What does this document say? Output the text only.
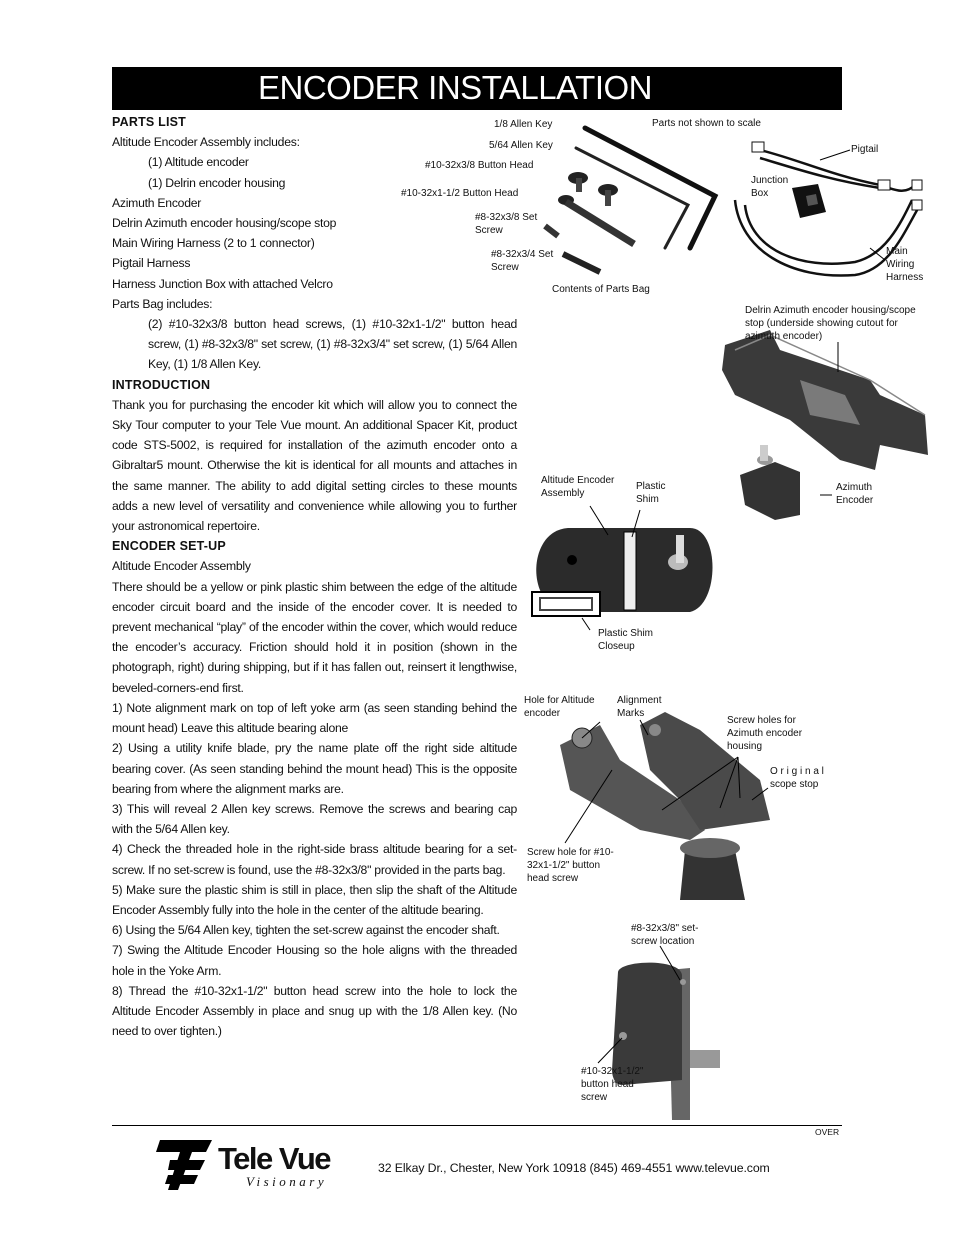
ENCODER INSTALLATION INSTRUCTIONS

PARTS LIST

Altitude Encoder Assembly includes:

(1) Altitude encoder

(1) Delrin encoder housing

Azimuth Encoder

Delrin Azimuth encoder housing/scope stop

Main Wiring Harness (2 to 1 connector)

Pigtail Harness

Harness Junction Box with attached Velcro

Parts Bag includes:

(2) #10-32x3/8 button head screws, (1) #10-32x1-1/2" button head screw, (1) #8-32x3/8" set screw, (1) #8-32x3/4" set screw, (1) 5/64 Allen Key, (1) 1/8 Allen Key.

INTRODUCTION

Thank you for purchasing the encoder kit which will allow you to connect the Sky Tour computer to your Tele Vue mount. An additional Spacer Kit, product code STS-5002, is required for installation of the azimuth encoder onto a Gibraltar5 mount. Otherwise the kit is identical for all mounts and attaches in the same manner. The ability to add digital setting circles to these mounts adds a new level of versatility and convenience while allowing you to further your astronomical repertoire.

ENCODER SET-UP

Altitude Encoder Assembly

There should be a yellow or pink plastic shim between the edge of the altitude encoder circuit board and the inside of the encoder cover. It is needed to prevent mechanical “play” of the encoder within the cover, which would reduce the encoder’s accuracy. Friction should hold it in position (shown in the photograph, right) during shipping, but if it has fallen out, reinsert it lengthwise, beveled-corners-end first.

1) Note alignment mark on top of left yoke arm (as seen standing behind the mount head) Leave this altitude bearing alone

2) Using a utility knife blade, pry the name plate off the right side altitude bearing cover. (As seen standing behind the mount head) This is the opposite bearing from where the alignment marks are.

3) This will reveal 2 Allen key screws. Remove the screws and bearing cap with the 5/64 Allen key.

4) Check the threaded hole in the right-side brass altitude bearing for a set-screw. If no set-screw is found, use the #8-32x3/8" provided in the parts bag.

5) Make sure the plastic shim is still in place, then slip the shaft of the Altitude Encoder Assembly fully into the hole in the center of the altitude bearing.

6) Using the 5/64 Allen key, tighten the set-screw against the encoder shaft.

7) Swing the Altitude Encoder Housing so the hole aligns with the threaded hole in the Yoke Arm.

8) Thread the #10-32x1-1/2" button head screw into the hole to lock the Altitude Encoder Assembly in place and snug up with the 1/8 Allen key. (No need to over tighten.)

1/8 Allen Key
5/64 Allen Key
#10-32x3/8 Button Head
#10-32x1-1/2 Button Head
#8-32x3/8 Set Screw
#8-32x3/4 Set Screw
Contents of Parts Bag
Parts not shown to scale
Pigtail
Junction Box
Main Wiring Harness
Delrin Azimuth encoder housing/scope stop (underside showing cutout for azimuth encoder)
Azimuth Encoder
Altitude Encoder Assembly
Plastic Shim
Plastic Shim Closeup
Hole for Altitude encoder
Alignment Marks
Screw holes for Azimuth encoder housing
O r i g i n a l scope stop
Screw hole for #10-32x1-1/2" button head screw
#8-32x3/8" set-screw location
#10-32x1-1/2" button head screw
OVER
Tele Vue
Visionary
32 Elkay Dr., Chester, New York 10918 (845) 469-4551 www.televue.com
